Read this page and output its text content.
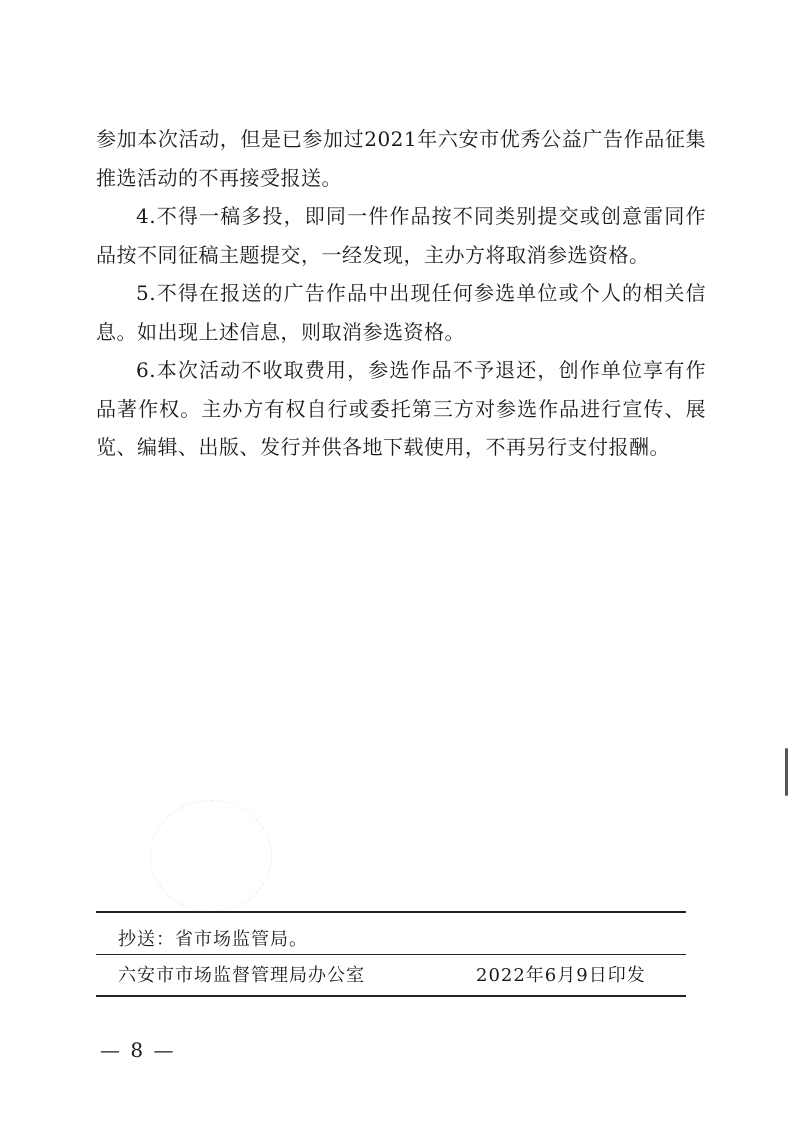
参加本次活动，但是已参加过2021年六安市优秀公益广告作品征集推选活动的不再接受报送。

4.不得一稿多投，即同一件作品按不同类别提交或创意雷同作品按不同征稿主题提交，一经发现，主办方将取消参选资格。

5.不得在报送的广告作品中出现任何参选单位或个人的相关信息。如出现上述信息，则取消参选资格。

6.本次活动不收取费用，参选作品不予退还，创作单位享有作品著作权。主办方有权自行或委托第三方对参选作品进行宣传、展览、编辑、出版、发行并供各地下载使用，不再另行支付报酬。

抄送：省市场监管局。
六安市市场监督管理局办公室	2022年6月9日印发
— 8 —
